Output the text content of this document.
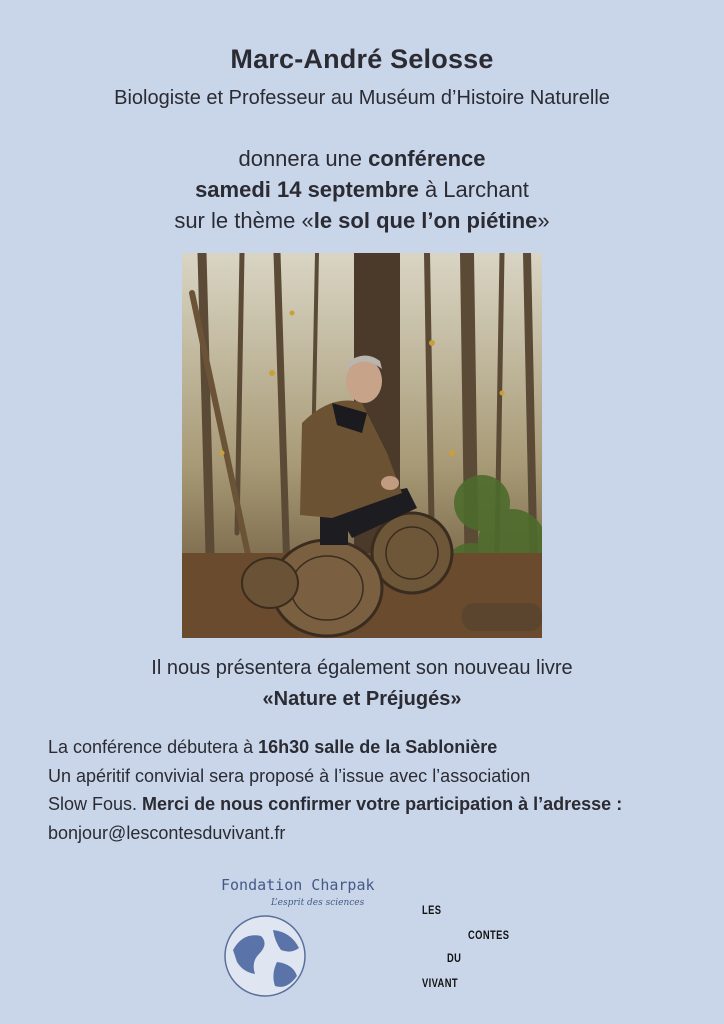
Marc-André Selosse
Biologiste et Professeur au Muséum d’Histoire Naturelle
donnera une conférence
samedi 14 septembre à Larchant
sur le thème «le sol que l’on piétine»
Il nous présentera également son nouveau livre
«Nature et Préjugés»
La conférence débutera à 16h30 salle de la Sablonière
Un apéritif convivial sera proposé à l’issue avec l’association
Slow Fous. Merci de nous confirmer votre participation à l’adresse :
bonjour@lescontesduvivant.fr
Fondation Charpak
L’esprit des sciences	LES
CONTES
DU
VIVANT
